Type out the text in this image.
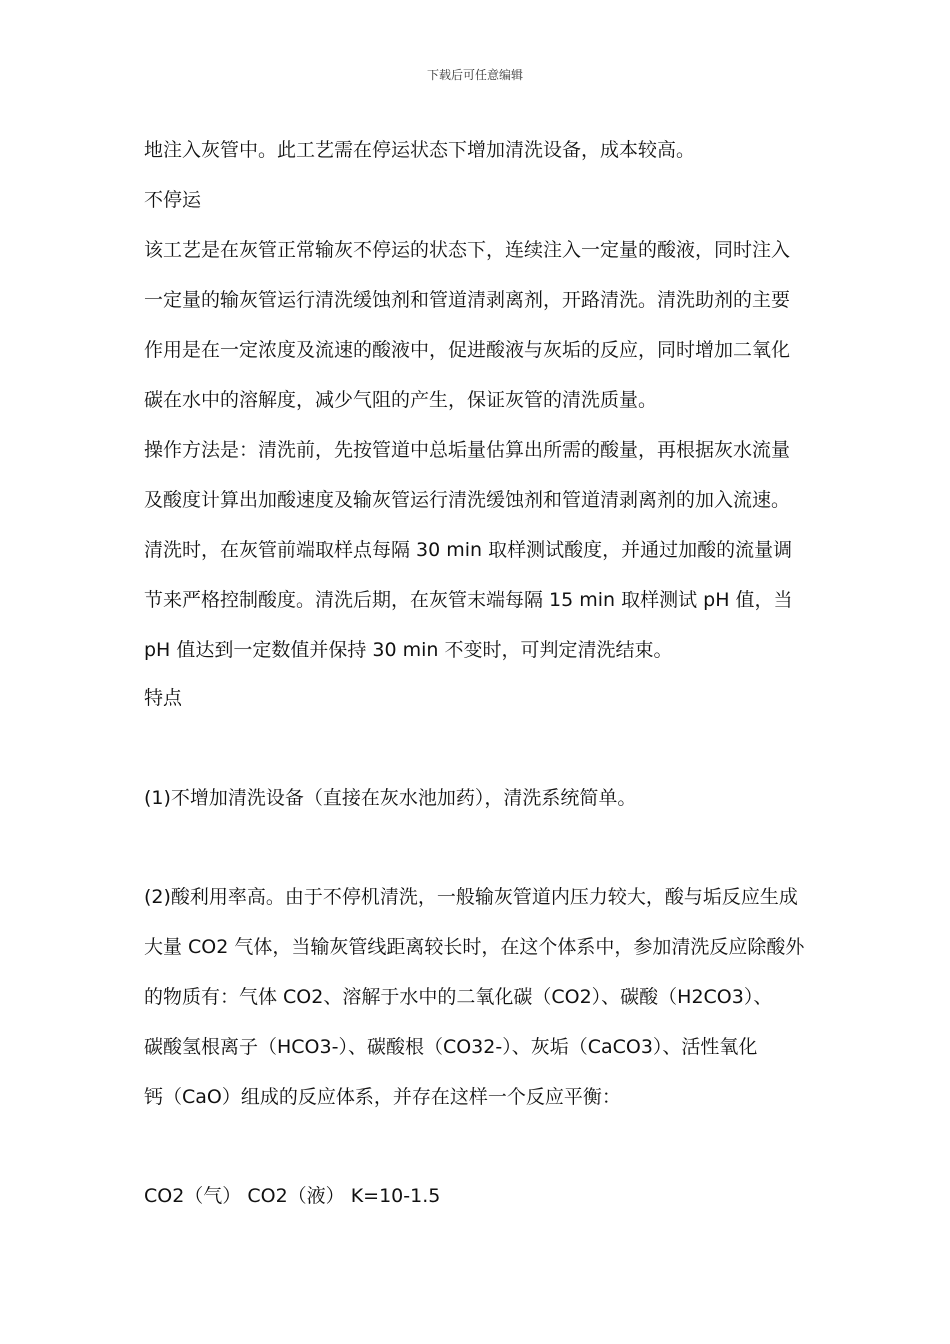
下载后可任意编辑
地注入灰管中。此工艺需在停运状态下增加清洗设备，成本较高。
不停运
该工艺是在灰管正常输灰不停运的状态下，连续注入一定量的酸液，同时注入
一定量的输灰管运行清洗缓蚀剂和管道清剥离剂，开路清洗。清洗助剂的主要
作用是在一定浓度及流速的酸液中，促进酸液与灰垢的反应，同时增加二氧化
碳在水中的溶解度，减少气阻的产生，保证灰管的清洗质量。
操作方法是：清洗前，先按管道中总垢量估算出所需的酸量，再根据灰水流量
及酸度计算出加酸速度及输灰管运行清洗缓蚀剂和管道清剥离剂的加入流速。
清洗时，在灰管前端取样点每隔 30 min 取样测试酸度，并通过加酸的流量调
节来严格控制酸度。清洗后期，在灰管末端每隔 15 min 取样测试 pH 值，当
pH 值达到一定数值并保持 30 min 不变时，可判定清洗结束。
特点
(1)不增加清洗设备（直接在灰水池加药），清洗系统简单。
(2)酸利用率高。由于不停机清洗，一般输灰管道内压力较大，酸与垢反应生成
大量 CO2 气体，当输灰管线距离较长时，在这个体系中，参加清洗反应除酸外
的物质有：气体 CO2、溶解于水中的二氧化碳（CO2）、碳酸（H2CO3）、
碳酸氢根离子（HCO3-）、碳酸根（CO32-）、灰垢（CaCO3）、活性氧化
钙（CaO）组成的反应体系，并存在这样一个反应平衡：
CO2（气） CO2（液） K=10-1.5
